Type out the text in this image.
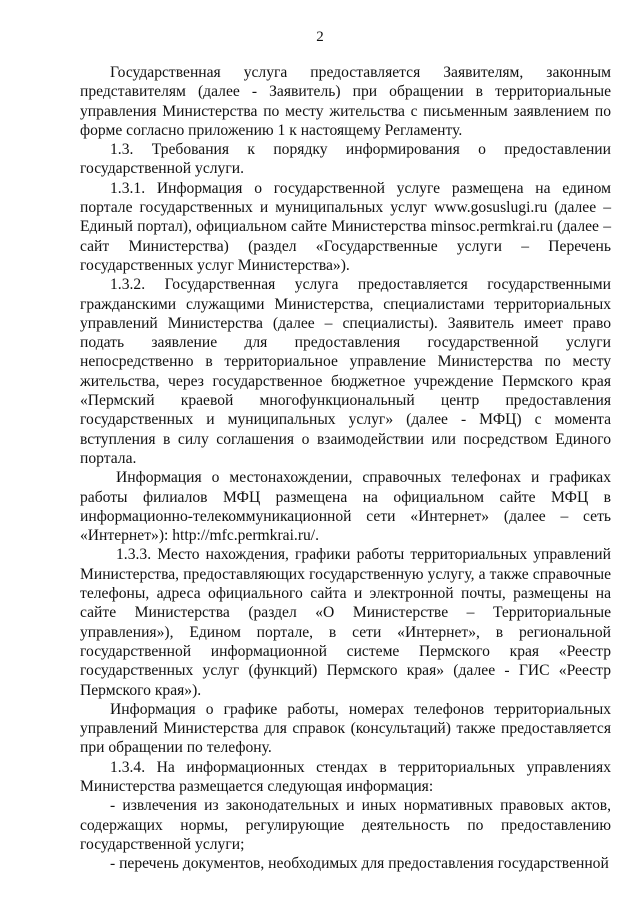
2

Государственная услуга предоставляется Заявителям, законным представителям (далее - Заявитель) при обращении в территориальные управления Министерства по месту жительства с письменным заявлением по форме согласно приложению 1 к настоящему Регламенту.

1.3. Требования к порядку информирования о предоставлении государственной услуги.

1.3.1. Информация о государственной услуге размещена на едином портале государственных и муниципальных услуг www.gosuslugi.ru (далее – Единый портал), официальном сайте Министерства minsoc.permkrai.ru (далее – сайт Министерства) (раздел «Государственные услуги – Перечень государственных услуг Министерства»).

1.3.2. Государственная услуга предоставляется государственными гражданскими служащими Министерства, специалистами территориальных управлений Министерства (далее – специалисты). Заявитель имеет право подать заявление для предоставления государственной услуги непосредственно в территориальное управление Министерства по месту жительства, через государственное бюджетное учреждение Пермского края «Пермский краевой многофункциональный центр предоставления государственных и муниципальных услуг» (далее - МФЦ) с момента вступления в силу соглашения о взаимодействии или посредством Единого портала.

Информация о местонахождении, справочных телефонах и графиках работы филиалов МФЦ размещена на официальном сайте МФЦ в информационно-телекоммуникационной сети «Интернет» (далее – сеть «Интернет»): http://mfc.permkrai.ru/.

1.3.3. Место нахождения, графики работы территориальных управлений Министерства, предоставляющих государственную услугу, а также справочные телефоны, адреса официального сайта и электронной почты, размещены на сайте Министерства (раздел «О Министерстве – Территориальные управления»), Едином портале, в сети «Интернет», в региональной государственной информационной системе Пермского края «Реестр государственных услуг (функций) Пермского края» (далее - ГИС «Реестр Пермского края»).

Информация о графике работы, номерах телефонов территориальных управлений Министерства для справок (консультаций) также предоставляется при обращении по телефону.

1.3.4. На информационных стендах в территориальных управлениях Министерства размещается следующая информация:

- извлечения из законодательных и иных нормативных правовых актов, содержащих нормы, регулирующие деятельность по предоставлению государственной услуги;

- перечень документов, необходимых для предоставления государственной
